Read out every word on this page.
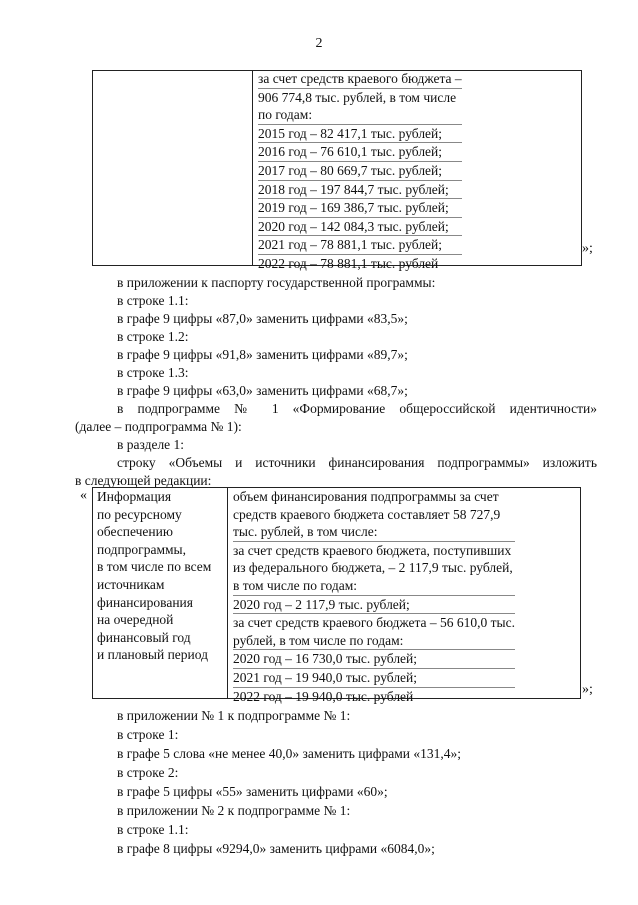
2
за счет средств краевого бюджета –
906 774,8 тыс. рублей, в том числе
по годам:
2015 год – 82 417,1 тыс. рублей;
2016 год – 76 610,1 тыс. рублей;
2017 год – 80 669,7 тыс. рублей;
2018 год – 197 844,7 тыс. рублей;
2019 год – 169 386,7 тыс. рублей;
2020 год – 142 084,3 тыс. рублей;
2021 год – 78 881,1 тыс. рублей;
2022 год – 78 881,1 тыс. рублей
»;
в приложении к паспорту государственной программы:
в строке 1.1:
в графе 9 цифры «87,0» заменить цифрами «83,5»;
в строке 1.2:
в графе 9 цифры «91,8» заменить цифрами «89,7»;
в строке 1.3:
в графе 9 цифры «63,0» заменить цифрами «68,7»;
в подпрограмме № 1 «Формирование общероссийской идентичности»
(далее – подпрограмма № 1):
в разделе 1:
строку «Объемы и источники финансирования подпрограммы» изложить
в следующей редакции:
« Информация
по ресурсному
обеспечению
подпрограммы,
в том числе по всем
источникам
финансирования
на очередной
финансовый год
и плановый период
объем финансирования подпрограммы за счет
средств краевого бюджета составляет 58 727,9
тыс. рублей, в том числе:
за счет средств краевого бюджета, поступивших
из федерального бюджета, – 2 117,9 тыс. рублей,
в том числе по годам:
2020 год – 2 117,9 тыс. рублей;
за счет средств краевого бюджета – 56 610,0 тыс.
рублей, в том числе по годам:
2020 год – 16 730,0 тыс. рублей;
2021 год – 19 940,0 тыс. рублей;
2022 год – 19 940,0 тыс. рублей	»;
в приложении № 1 к подпрограмме № 1:
в строке 1:
в графе 5 слова «не менее 40,0» заменить цифрами «131,4»;
в строке 2:
в графе 5 цифры «55» заменить цифрами «60»;
в приложении № 2 к подпрограмме № 1:
в строке 1.1:
в графе 8 цифры «9294,0» заменить цифрами «6084,0»;
